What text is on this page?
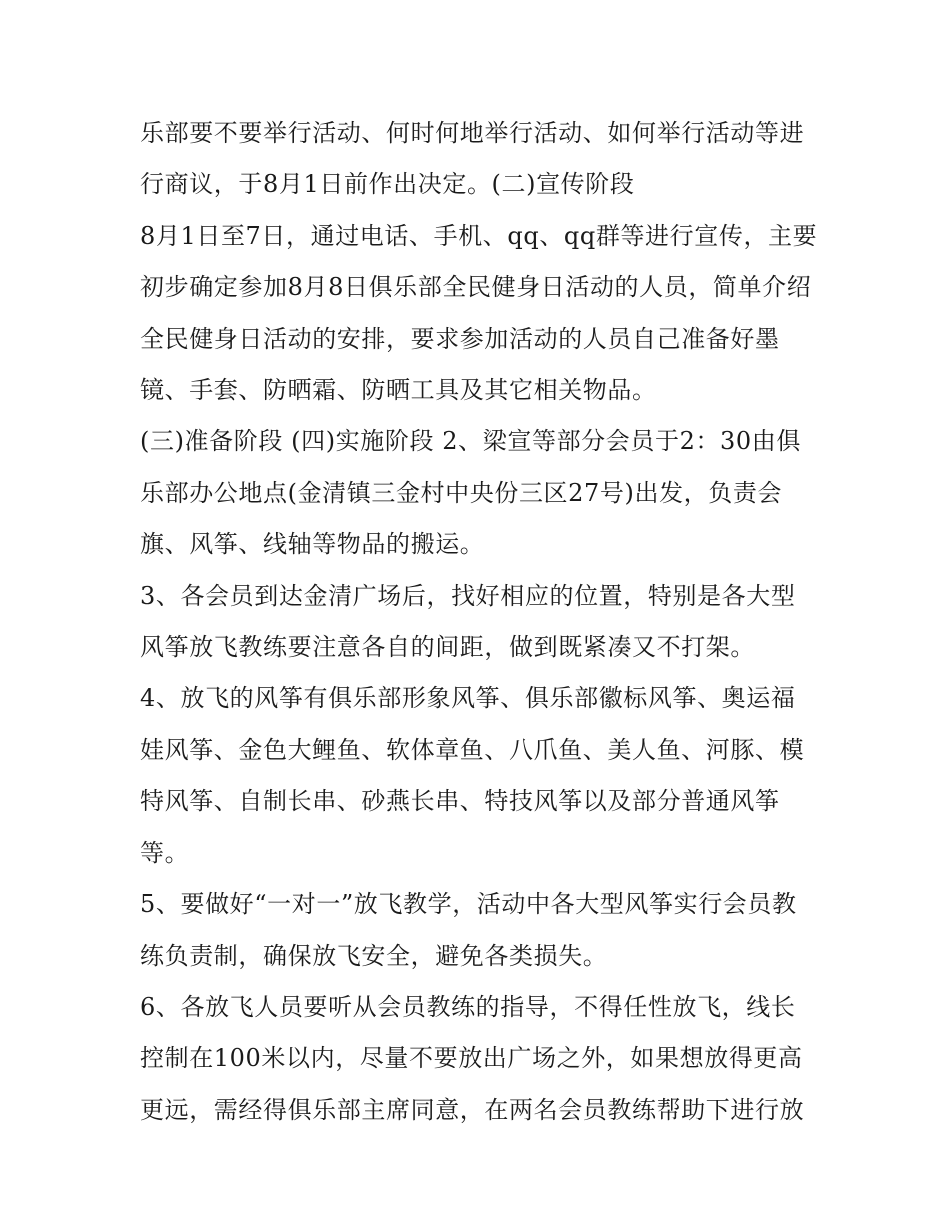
乐部要不要举行活动、何时何地举行活动、如何举行活动等进行商议，于8月1日前作出决定。(二)宣传阶段

8月1日至7日，通过电话、手机、qq、qq群等进行宣传，主要初步确定参加8月8日俱乐部全民健身日活动的人员，简单介绍全民健身日活动的安排，要求参加活动的人员自己准备好墨镜、手套、防晒霜、防晒工具及其它相关物品。

(三)准备阶段 (四)实施阶段 2、梁宣等部分会员于2：30由俱乐部办公地点(金清镇三金村中央份三区27号)出发，负责会旗、风筝、线轴等物品的搬运。

3、各会员到达金清广场后，找好相应的位置，特别是各大型风筝放飞教练要注意各自的间距，做到既紧凑又不打架。

4、放飞的风筝有俱乐部形象风筝、俱乐部徽标风筝、奥运福娃风筝、金色大鲤鱼、软体章鱼、八爪鱼、美人鱼、河豚、模特风筝、自制长串、砂燕长串、特技风筝以及部分普通风筝等。

5、要做好“一对一”放飞教学，活动中各大型风筝实行会员教练负责制，确保放飞安全，避免各类损失。

6、各放飞人员要听从会员教练的指导，不得任性放飞，线长控制在100米以内，尽量不要放出广场之外，如果想放得更高更远，需经得俱乐部主席同意，在两名会员教练帮助下进行放
